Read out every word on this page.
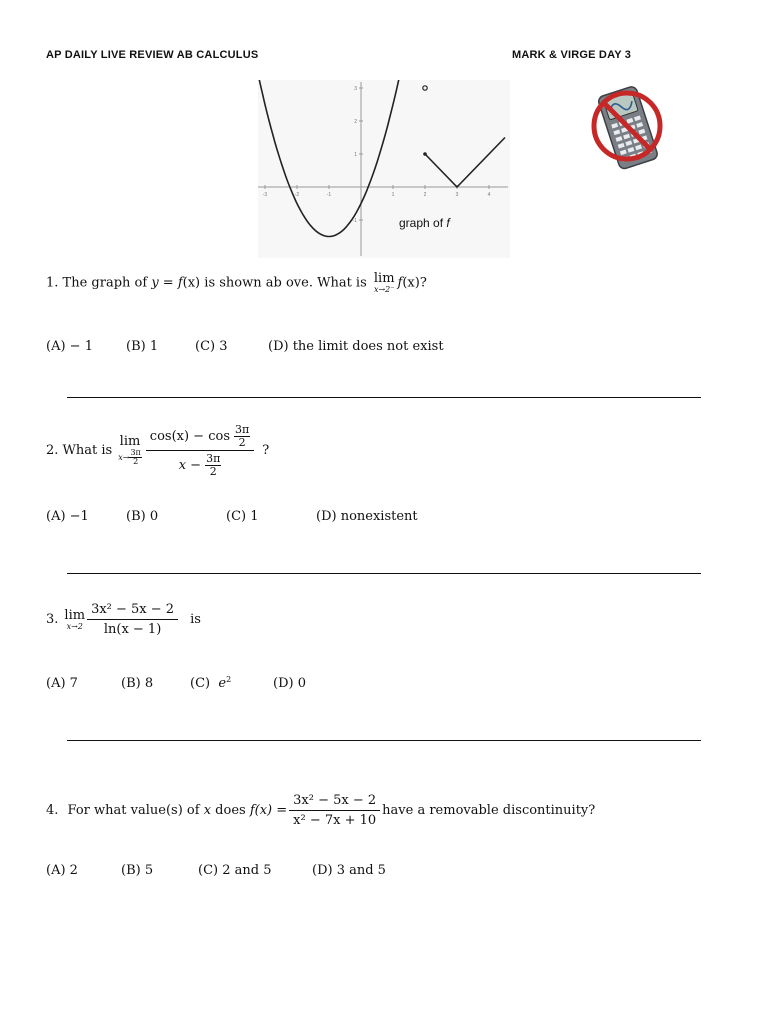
AP DAILY LIVE REVIEW AB CALCULUS	MARK & VIRGE DAY 3
-3	-2	-1	1	2	3	4
3
2
1
-1	graph of f
1. The graph of y = f(x) is shown ab ove. What is lim
x→2⁻ f(x)?
(A) − 1	(B) 1	(C) 3	(D) the limit does not exist
2. What is
lim
$x\to \frac{3\pi}{2} \frac{\cos(x) - \cos \frac{3\pi}{2}}{x - \frac{3\pi}{2}}$ ?
(A) −1	(B) 0	(C) 1	(D) nonexistent
3. lim
$x\to 2 \frac{\text{3x² − 5x − 2}}{\ln(x - 1)}$ is
(A) 7	(B) 8	(C) $e^2$	(D) 0
4.
For what value(s) of
x
does
$f(x) = \frac{\text{3x² − 5x − 2}}{\text{x² − 7x + 10}}$ have a removable discontinuity?
(A) 2	(B) 5	(C) 2 and 5	(D) 3 and 5
